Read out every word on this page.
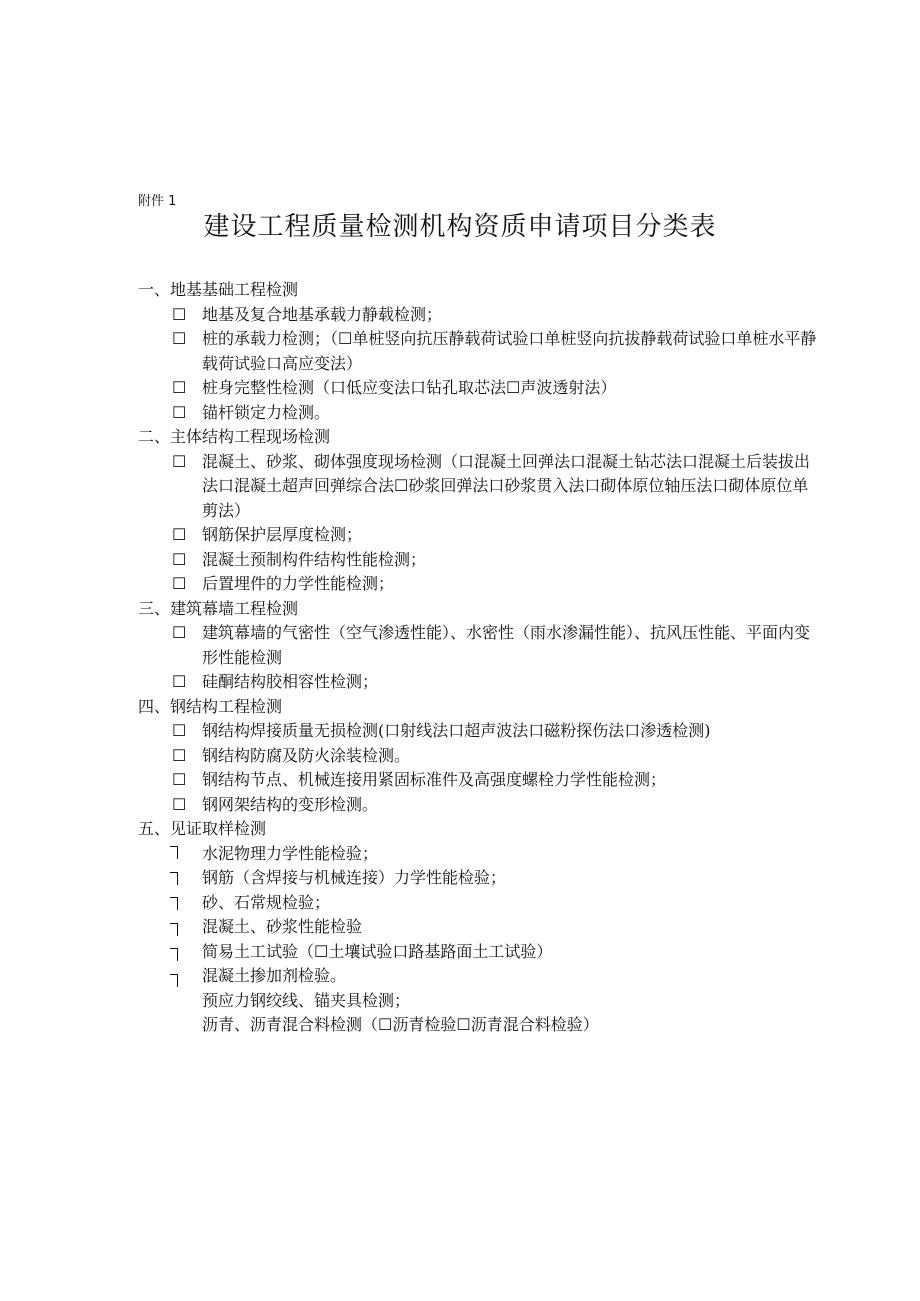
附件 1
建设工程质量检测机构资质申请项目分类表
一、地基基础工程检测
☐ 地基及复合地基承载力静载检测；
☐ 桩的承载力检测；（☐单桩竖向抗压静载荷试验口单桩竖向抗拔静载荷试验口单桩水平静载荷试验口高应变法）
☐ 桩身完整性检测（口低应变法口钻孔取芯法☐声波透射法）
☐ 锚杆锁定力检测。
二、主体结构工程现场检测
☐ 混凝土、砂浆、砌体强度现场检测（口混凝土回弹法口混凝土钻芯法口混凝土后装拔出法口混凝土超声回弹综合法☐砂浆回弹法口砂浆贯入法口砌体原位轴压法口砌体原位单剪法）
☐ 钢筋保护层厚度检测；
☐ 混凝土预制构件结构性能检测；
☐ 后置埋件的力学性能检测；
三、建筑幕墙工程检测
☐ 建筑幕墙的气密性（空气渗透性能）、水密性（雨水渗漏性能）、抗风压性能、平面内变形性能检测
☐ 硅酮结构胶相容性检测；
四、钢结构工程检测
☐ 钢结构焊接质量无损检测(口射线法口超声波法口磁粉探伤法口渗透检测)
☐ 钢结构防腐及防火涂装检测。
☐ 钢结构节点、机械连接用紧固标准件及高强度螺栓力学性能检测；
☐ 钢网架结构的变形检测。
五、见证取样检测
水泥物理力学性能检验；
钢筋（含焊接与机械连接）力学性能检验；
砂、石常规检验；
混凝土、砂浆性能检验
简易土工试验（☐土壤试验口路基路面土工试验）
混凝土掺加剂检验。
预应力钢绞线、锚夹具检测；
沥青、沥青混合料检测（☐沥青检验☐沥青混合料检验）
